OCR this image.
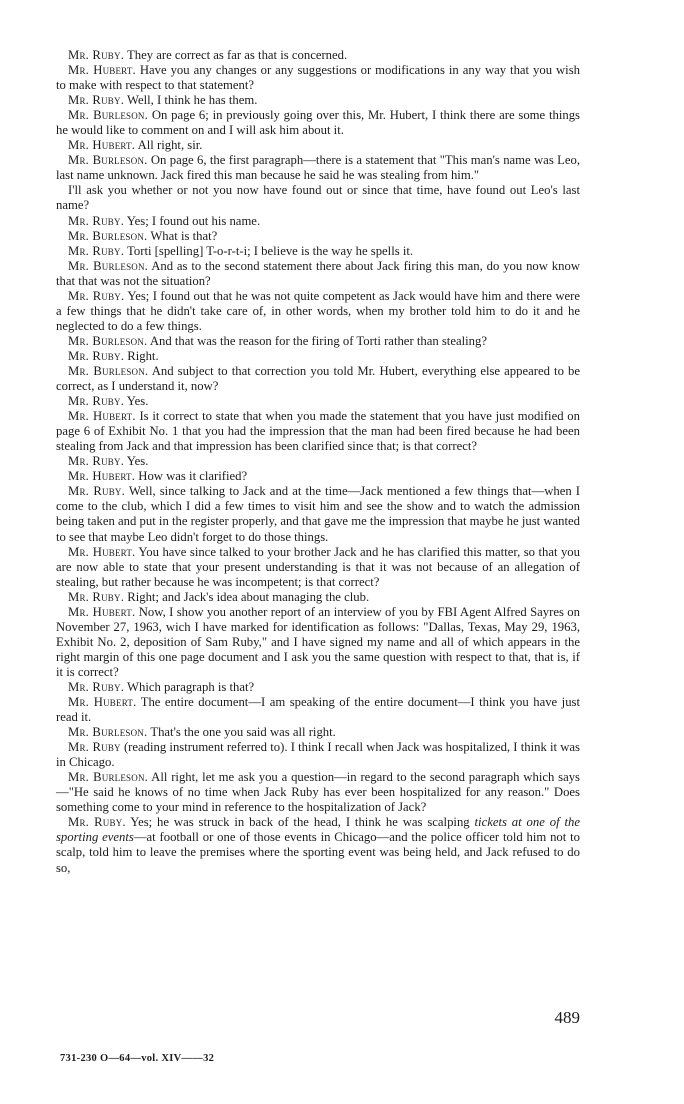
Mr. Ruby. They are correct as far as that is concerned.

Mr. Hubert. Have you any changes or any suggestions or modifications in any way that you wish to make with respect to that statement?

Mr. Ruby. Well, I think he has them.

Mr. Burleson. On page 6; in previously going over this, Mr. Hubert, I think there are some things he would like to comment on and I will ask him about it.

Mr. Hubert. All right, sir.

Mr. Burleson. On page 6, the first paragraph—there is a statement that "This man's name was Leo, last name unknown. Jack fired this man because he said he was stealing from him."

I'll ask you whether or not you now have found out or since that time, have found out Leo's last name?

Mr. Ruby. Yes; I found out his name.

Mr. Burleson. What is that?

Mr. Ruby. Torti [spelling] T-o-r-t-i; I believe is the way he spells it.

Mr. Burleson. And as to the second statement there about Jack firing this man, do you now know that that was not the situation?

Mr. Ruby. Yes; I found out that he was not quite competent as Jack would have him and there were a few things that he didn't take care of, in other words, when my brother told him to do it and he neglected to do a few things.

Mr. Burleson. And that was the reason for the firing of Torti rather than stealing?

Mr. Ruby. Right.

Mr. Burleson. And subject to that correction you told Mr. Hubert, everything else appeared to be correct, as I understand it, now?

Mr. Ruby. Yes.

Mr. Hubert. Is it correct to state that when you made the statement that you have just modified on page 6 of Exhibit No. 1 that you had the impression that the man had been fired because he had been stealing from Jack and that impression has been clarified since that; is that correct?

Mr. Ruby. Yes.

Mr. Hubert. How was it clarified?

Mr. Ruby. Well, since talking to Jack and at the time—Jack mentioned a few things that—when I come to the club, which I did a few times to visit him and see the show and to watch the admission being taken and put in the register properly, and that gave me the impression that maybe he just wanted to see that maybe Leo didn't forget to do those things.

Mr. Hubert. You have since talked to your brother Jack and he has clarified this matter, so that you are now able to state that your present understanding is that it was not because of an allegation of stealing, but rather because he was incompetent; is that correct?

Mr. Ruby. Right; and Jack's idea about managing the club.

Mr. Hubert. Now, I show you another report of an interview of you by FBI Agent Alfred Sayres on November 27, 1963, wich I have marked for identification as follows: "Dallas, Texas, May 29, 1963, Exhibit No. 2, deposition of Sam Ruby," and I have signed my name and all of which appears in the right margin of this one page document and I ask you the same question with respect to that, that is, if it is correct?

Mr. Ruby. Which paragraph is that?

Mr. Hubert. The entire document—I am speaking of the entire document—I think you have just read it.

Mr. Burleson. That's the one you said was all right.

Mr. Ruby (reading instrument referred to). I think I recall when Jack was hospitalized, I think it was in Chicago.

Mr. Burleson. All right, let me ask you a question—in regard to the second paragraph which says—"He said he knows of no time when Jack Ruby has ever been hospitalized for any reason." Does something come to your mind in reference to the hospitalization of Jack?

Mr. Ruby. Yes; he was struck in back of the head, I think he was scalping tickets at one of the sporting events—at football or one of those events in Chicago—and the police officer told him not to scalp, told him to leave the premises where the sporting event was being held, and Jack refused to do so,

489
731-230 O—64—vol. XIV——32
